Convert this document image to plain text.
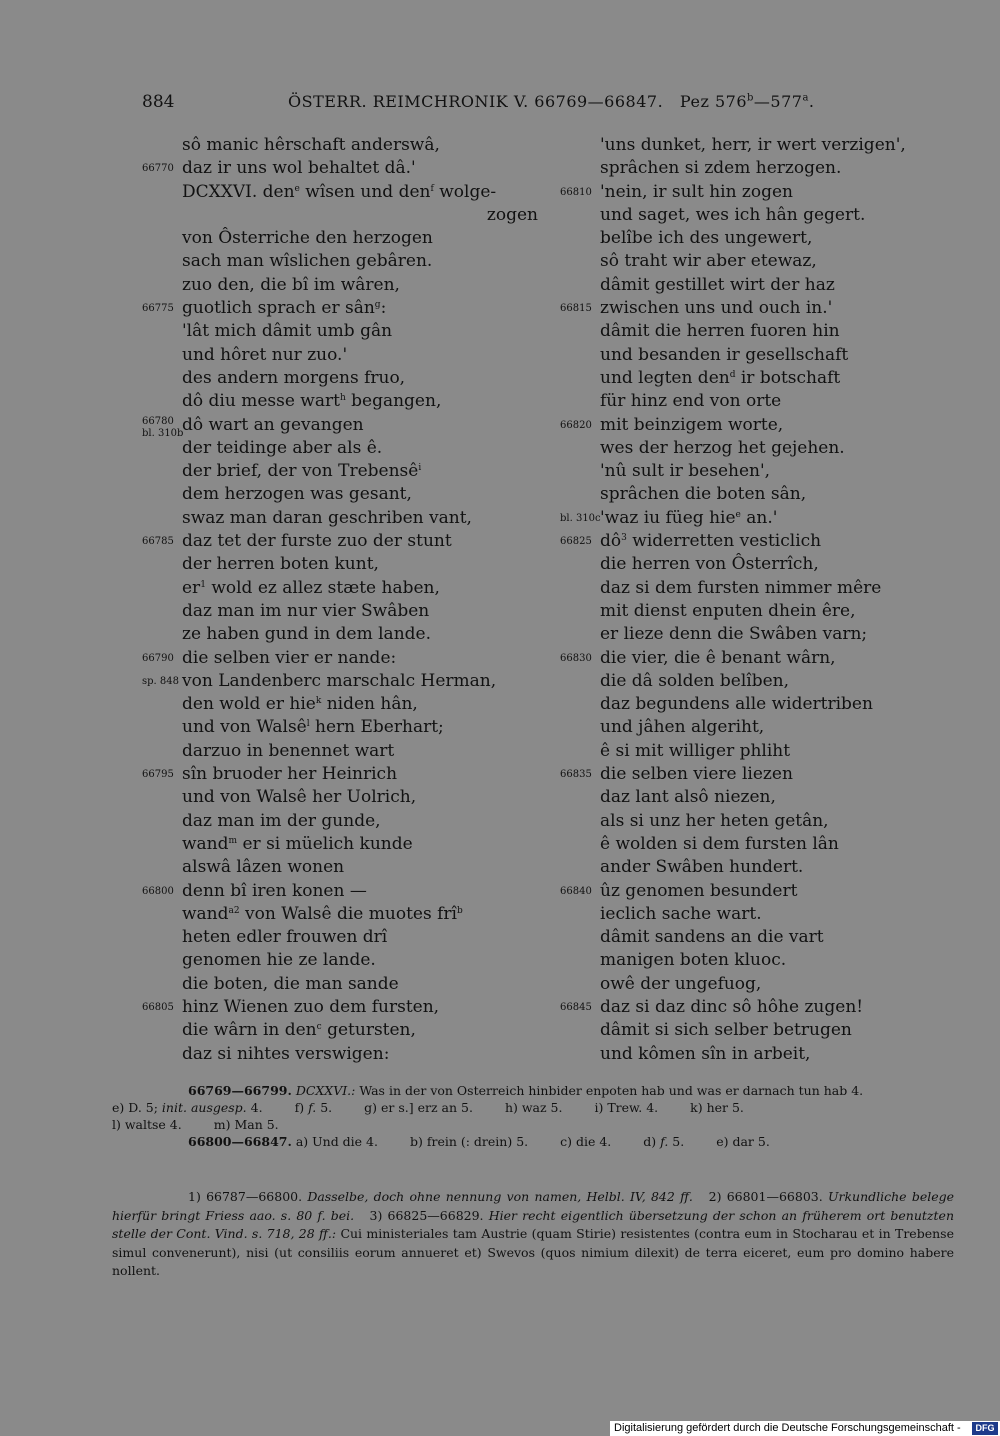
884	ÖSTERR. REIMCHRONIK V. 66769—66847. Pez 576$^b$—577$^a$.
sô manic hêrschaft anderswâ,
66770 daz ir uns wol behaltet dâ.'
DCXXVI. den$^e$ wîsen und den$^f$ wolge-
zogen
von Ôsterriche den herzogen
sach man wîslichen gebâren.
zuo den, die bî im wâren,
66775 guotlich sprach er sân$^g$:
'lât mich dâmit umb gân
und hôret nur zuo.'
des andern morgens fruo,
dô diu messe wart$^h$ begangen,
66780
bl. 310b
dô wart an gevangen
der teidinge aber als ê.
der brief, der von Trebensê$^i$
dem herzogen was gesant,
swaz man daran geschriben vant,
66785 daz tet der furste zuo der stunt
der herren boten kunt,
$er^1$ wold ez allez stæte haben,
daz man im nur vier Swâben
ze haben gund in dem lande.
66790 die selben vier er nande:
sp. 848 von Landenberc marschalc Herman,
den wold er hie$^k$ niden hân,
und von Walsê$^l$ hern Eberhart;
darzuo in benennet wart
66795 sîn bruoder her Heinrich
und von Walsê her Uolrich,
daz man im der gunde,
wand$^m$ er si müelich kunde
alswâ lâzen wonen
66800 denn bî iren konen —
wand$^{a2}$ von Walsê die muotes frî$^b$
heten edler frouwen drî
genomen hie ze lande.
die boten, die man sande
66805 hinz Wienen zuo dem fursten,
die wârn in den$^c$ getursten,
daz si nihtes verswigen:
'uns dunket, herr, ir wert verzigen',
sprâchen si zdem herzogen.
66810 'nein, ir sult hin zogen
und saget, wes ich hân gegert.
belîbe ich des ungewert,
sô traht wir aber etewaz,
dâmit gestillet wirt der haz
66815 zwischen uns und ouch in.'
dâmit die herren fuoren hin
und besanden ir gesellschaft
und legten den$^d$ ir botschaft
für hinz end von orte
66820 mit beinzigem worte,
wes der herzog het gejehen.
'nû sult ir besehen',
sprâchen die boten sân,
bl. 310c 'waz iu füeg hie$^e$ an.'
66825 $dô^3$ widerretten vesticlich
die herren von Ôsterrîch,
daz si dem fursten nimmer mêre
mit dienst enputen dhein êre,
er lieze denn die Swâben varn;
66830 die vier, die ê benant wârn,
die dâ solden belîben,
daz begundens alle widertriben
und jâhen algeriht,
ê si mit williger phliht
66835 die selben viere liezen
daz lant alsô niezen,
als si unz her heten getân,
ê wolden si dem fursten lân
ander Swâben hundert.
66840 ûz genomen besundert
ieclich sache wart.
dâmit sandens an die vart
manigen boten kluoc.
owê der ungefuog,
66845 daz si daz dinc sô hôhe zugen!
dâmit si sich selber betrugen
und kômen sîn in arbeit,

66769—66799. DCXXVI.: Was in der von Osterreich hinbider enpoten hab und was er darnach tun hab 4.

e) D. 5; init. ausgesp. 4.	f) f. 5.	g) er s.] erz an 5.	h) waz 5.	i) Trew. 4.	k) her 5.

l) waltse 4.	m) Man 5.

66800—66847. a) Und die 4.	b) frein (: drein) 5.	c) die 4.	d) f. 5.	e) dar 5.

1) 66787—66800. Dasselbe, doch ohne nennung von namen, Helbl. IV, 842 ff. 2) 66801—66803. Urkundliche belege hierfür bringt Friess aao. s. 80 f. bei. 3) 66825—66829. Hier recht eigentlich übersetzung der schon an früherem ort benutzten stelle der Cont. Vind. s. 718, 28 ff.: Cui ministeriales tam Austrie (quam Stirie) resistentes (contra eum in Stocharau et in Trebense simul convenerunt), nisi (ut consiliis eorum annueret et) Swevos (quos nimium dilexit) de terra eiceret, eum pro domino habere nollent.

Digitalisierung gefördert durch die Deutsche Forschungsgemeinschaft -	DFG
